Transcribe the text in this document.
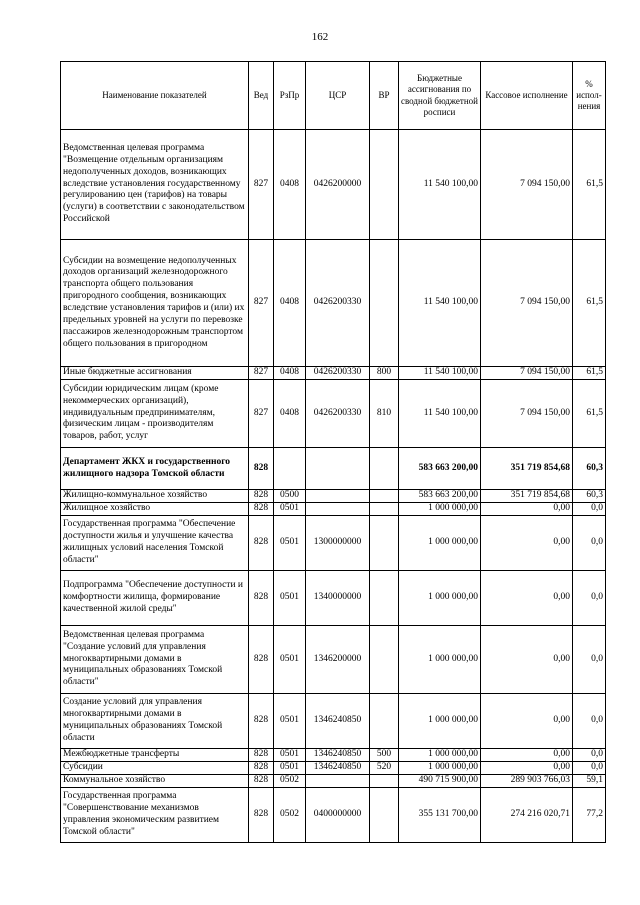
162
Наименование показателей	Вед	РзПр	ЦСР	ВР	Бюджетные ассигнования по сводной бюджетной росписи	Кассовое исполнение	% испол-нения
Ведомственная целевая программа "Возмещение отдельным организациям недополученных доходов, возникающих вследствие установления государственному регулированию цен (тарифов) на товары (услуги) в соответствии с законодательством Российской	827	0408	0426200000		11 540 100,00	7 094 150,00	61,5
Субсидии на возмещение недополученных доходов организаций железнодорожного транспорта общего пользования пригородного сообщения, возникающих вследствие установления тарифов и (или) их предельных уровней на услуги по перевозке пассажиров железнодорожным транспортом общего пользования в пригородном	827	0408	0426200330		11 540 100,00	7 094 150,00	61,5
Иные бюджетные ассигнования	827	0408	0426200330	800	11 540 100,00	7 094 150,00	61,5
Субсидии юридическим лицам (кроме некоммерческих организаций), индивидуальным предпринимателям, физическим лицам - производителям товаров, работ, услуг	827	0408	0426200330	810	11 540 100,00	7 094 150,00	61,5
Департамент ЖКХ и государственного жилищного надзора Томской области	828				583 663 200,00	351 719 854,68	60,3
Жилищно-коммунальное хозяйство	828	0500			583 663 200,00	351 719 854,68	60,3
Жилищное хозяйство	828	0501			1 000 000,00	0,00	0,0
Государственная программа "Обеспечение доступности жилья и улучшение качества жилищных условий населения Томской области"	828	0501	1300000000		1 000 000,00	0,00	0,0
Подпрограмма "Обеспечение доступности и комфортности жилища, формирование качественной жилой среды"	828	0501	1340000000		1 000 000,00	0,00	0,0
Ведомственная целевая программа "Создание условий для управления многоквартирными домами в муниципальных образованиях Томской области"	828	0501	1346200000		1 000 000,00	0,00	0,0
Создание условий для управления многоквартирными домами в муниципальных образованиях Томской области	828	0501	1346240850		1 000 000,00	0,00	0,0
Межбюджетные трансферты	828	0501	1346240850	500	1 000 000,00	0,00	0,0
Субсидии	828	0501	1346240850	520	1 000 000,00	0,00	0,0
Коммунальное хозяйство	828	0502			490 715 900,00	289 903 766,03	59,1
Государственная программа "Совершенствование механизмов управления экономическим развитием Томской области"	828	0502	0400000000		355 131 700,00	274 216 020,71	77,2
